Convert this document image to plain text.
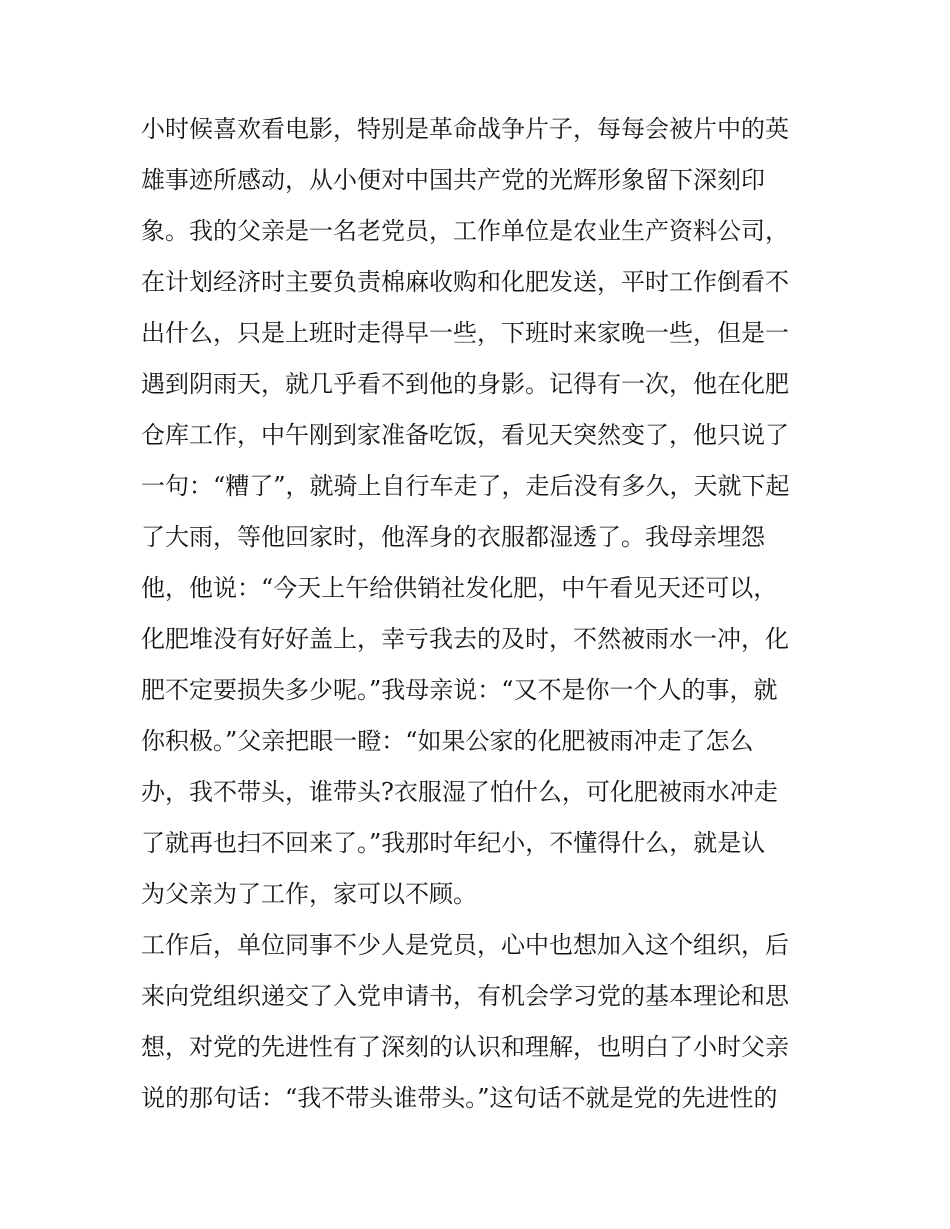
小时候喜欢看电影，特别是革命战争片子，每每会被片中的英
雄事迹所感动，从小便对中国共产党的光辉形象留下深刻印
象。我的父亲是一名老党员，工作单位是农业生产资料公司，
在计划经济时主要负责棉麻收购和化肥发送，平时工作倒看不
出什么，只是上班时走得早一些，下班时来家晚一些，但是一
遇到阴雨天，就几乎看不到他的身影。记得有一次，他在化肥
仓库工作，中午刚到家准备吃饭，看见天突然变了，他只说了
一句：“糟了”，就骑上自行车走了，走后没有多久，天就下起
了大雨，等他回家时，他浑身的衣服都湿透了。我母亲埋怨
他，他说：“今天上午给供销社发化肥，中午看见天还可以，
化肥堆没有好好盖上，幸亏我去的及时，不然被雨水一冲，化
肥不定要损失多少呢。”我母亲说：“又不是你一个人的事，就
你积极。”父亲把眼一瞪：“如果公家的化肥被雨冲走了怎么
办，我不带头，谁带头?衣服湿了怕什么，可化肥被雨水冲走
了就再也扫不回来了。”我那时年纪小，不懂得什么，就是认
为父亲为了工作，家可以不顾。
工作后，单位同事不少人是党员，心中也想加入这个组织，后
来向党组织递交了入党申请书，有机会学习党的基本理论和思
想，对党的先进性有了深刻的认识和理解，也明白了小时父亲
说的那句话：“我不带头谁带头。”这句话不就是党的先进性的
